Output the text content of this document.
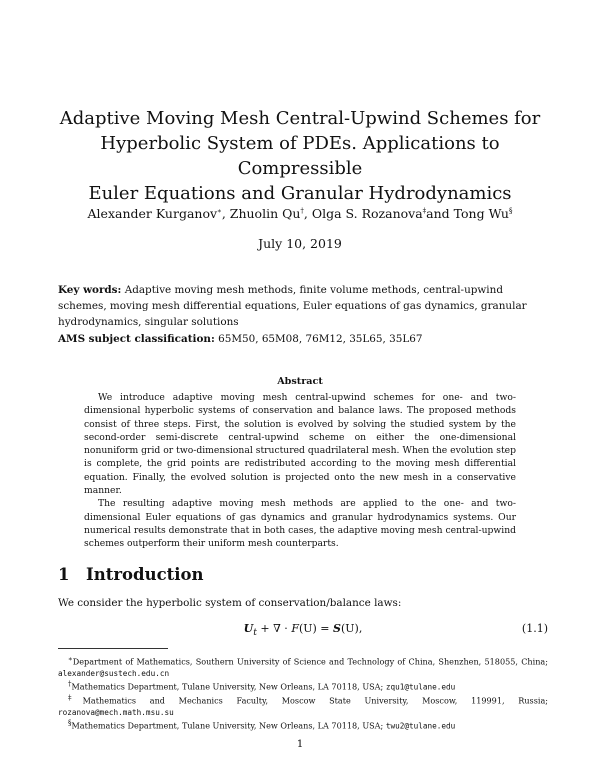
Adaptive Moving Mesh Central-Upwind Schemes for
Hyperbolic System of PDEs. Applications to Compressible
Euler Equations and Granular Hydrodynamics
Alexander Kurganov∗, Zhuolin Qu†, Olga S. Rozanova‡and Tong Wu§
July 10, 2019
Key words: Adaptive moving mesh methods, finite volume methods, central-upwind schemes, moving mesh differential equations, Euler equations of gas dynamics, granular hydrodynamics, singular solutions
AMS subject classification: 65M50, 65M08, 76M12, 35L65, 35L67
Abstract

We introduce adaptive moving mesh central-upwind schemes for one- and two-dimensional hyperbolic systems of conservation and balance laws. The proposed methods consist of three steps. First, the solution is evolved by solving the studied system by the second-order semi-discrete central-upwind scheme on either the one-dimensional nonuniform grid or two-dimensional structured quadrilateral mesh. When the evolution step is complete, the grid points are redistributed according to the moving mesh differential equation. Finally, the evolved solution is projected onto the new mesh in a conservative manner.

The resulting adaptive moving mesh methods are applied to the one- and two-dimensional Euler equations of gas dynamics and granular hydrodynamics systems. Our numerical results demonstrate that in both cases, the adaptive moving mesh central-upwind schemes outperform their uniform mesh counterparts.

1 Introduction
We consider the hyperbolic system of conservation/balance laws:
$U_t$ + ∇ · F(U) = S(U),	(1.1)

∗Department of Mathematics, Southern University of Science and Technology of China, Shenzhen, 518055, China; alexander@sustech.edu.cn

†Mathematics Department, Tulane University, New Orleans, LA 70118, USA; zqu1@tulane.edu

‡Mathematics and Mechanics Faculty, Moscow State University, Moscow, 119991, Russia; rozanova@mech.math.msu.su

§Mathematics Department, Tulane University, New Orleans, LA 70118, USA; twu2@tulane.edu

1
